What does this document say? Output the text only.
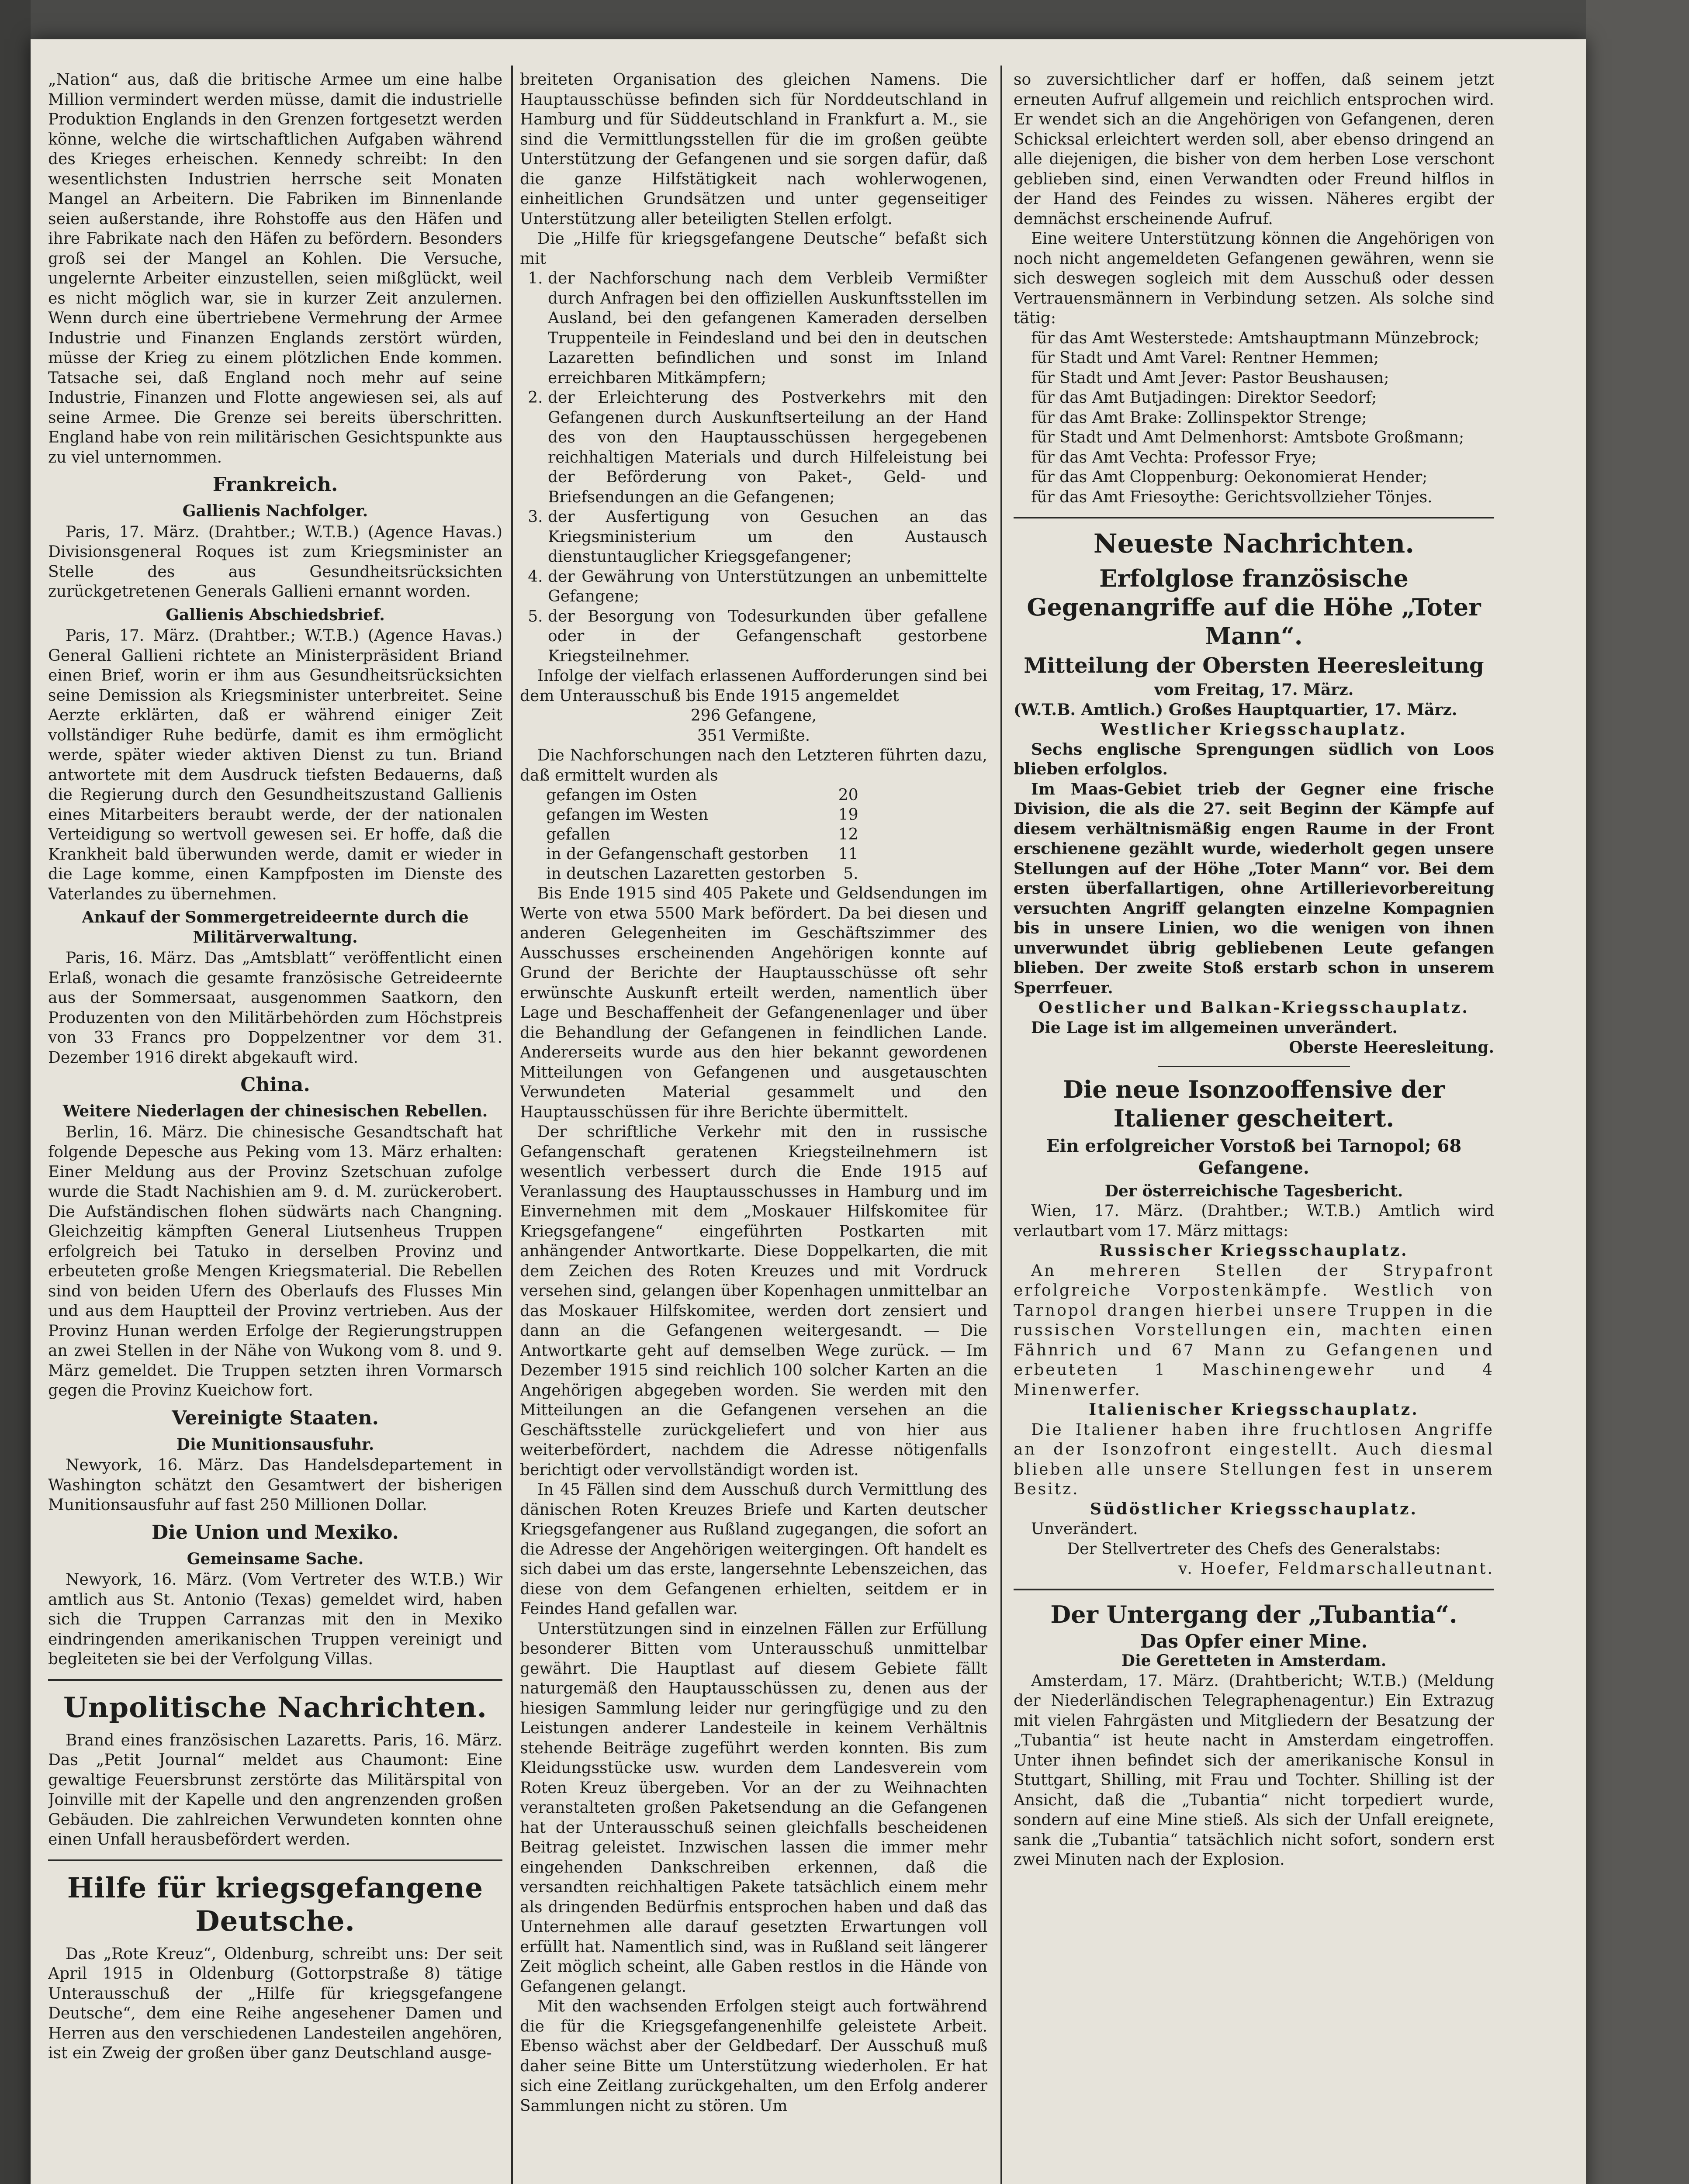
„Nation“ aus, daß die britische Armee um eine halbe Million vermindert werden müsse, damit die industrielle Produktion Englands in den Grenzen fortgesetzt werden könne, welche die wirtschaftlichen Aufgaben während des Krieges erheischen. Kennedy schreibt: In den wesentlichsten Industrien herrsche seit Monaten Mangel an Arbeitern. Die Fabriken im Binnenlande seien außerstande, ihre Rohstoffe aus den Häfen und ihre Fabrikate nach den Häfen zu befördern. Besonders groß sei der Mangel an Kohlen. Die Versuche, ungelernte Arbeiter einzustellen, seien mißglückt, weil es nicht möglich war, sie in kurzer Zeit anzulernen. Wenn durch eine übertriebene Vermehrung der Armee Industrie und Finanzen Englands zerstört würden, müsse der Krieg zu einem plötzlichen Ende kommen. Tatsache sei, daß England noch mehr auf seine Industrie, Finanzen und Flotte angewiesen sei, als auf seine Armee. Die Grenze sei bereits überschritten. England habe von rein militärischen Gesichtspunkte aus zu viel unternommen.

Frankreich.
Gallienis Nachfolger.

Paris, 17. März. (Drahtber.; W.T.B.) (Agence Havas.) Divisionsgeneral Roques ist zum Kriegsminister an Stelle des aus Gesundheitsrücksichten zurückgetretenen Generals Gallieni ernannt worden.

Gallienis Abschiedsbrief.

Paris, 17. März. (Drahtber.; W.T.B.) (Agence Havas.) General Gallieni richtete an Ministerpräsident Briand einen Brief, worin er ihm aus Gesundheitsrücksichten seine Demission als Kriegsminister unterbreitet. Seine Aerzte erklärten, daß er während einiger Zeit vollständiger Ruhe bedürfe, damit es ihm ermöglicht werde, später wieder aktiven Dienst zu tun. Briand antwortete mit dem Ausdruck tiefsten Bedauerns, daß die Regierung durch den Gesundheitszustand Gallienis eines Mitarbeiters beraubt werde, der der nationalen Verteidigung so wertvoll gewesen sei. Er hoffe, daß die Krankheit bald überwunden werde, damit er wieder in die Lage komme, einen Kampfposten im Dienste des Vaterlandes zu übernehmen.

Ankauf der Sommergetreideernte durch die Militärverwaltung.

Paris, 16. März. Das „Amtsblatt“ veröffentlicht einen Erlaß, wonach die gesamte französische Getreideernte aus der Sommersaat, ausgenommen Saatkorn, den Produzenten von den Militärbehörden zum Höchstpreis von 33 Francs pro Doppelzentner vor dem 31. Dezember 1916 direkt abgekauft wird.

China.
Weitere Niederlagen der chinesischen Rebellen.

Berlin, 16. März. Die chinesische Gesandtschaft hat folgende Depesche aus Peking vom 13. März erhalten: Einer Meldung aus der Provinz Szetschuan zufolge wurde die Stadt Nachishien am 9. d. M. zurückerobert. Die Aufständischen flohen südwärts nach Changning. Gleichzeitig kämpften General Liutsenheus Truppen erfolgreich bei Tatuko in derselben Provinz und erbeuteten große Mengen Kriegsmaterial. Die Rebellen sind von beiden Ufern des Oberlaufs des Flusses Min und aus dem Hauptteil der Provinz vertrieben. Aus der Provinz Hunan werden Erfolge der Regierungstruppen an zwei Stellen in der Nähe von Wukong vom 8. und 9. März gemeldet. Die Truppen setzten ihren Vormarsch gegen die Provinz Kueichow fort.

Vereinigte Staaten.
Die Munitionsausfuhr.

Newyork, 16. März. Das Handelsdepartement in Washington schätzt den Gesamtwert der bisherigen Munitionsausfuhr auf fast 250 Millionen Dollar.

Die Union und Mexiko.
Gemeinsame Sache.

Newyork, 16. März. (Vom Vertreter des W.T.B.) Wir amtlich aus St. Antonio (Texas) gemeldet wird, haben sich die Truppen Carranzas mit den in Mexiko eindringenden amerikanischen Truppen vereinigt und begleiteten sie bei der Verfolgung Villas.

Unpolitische Nachrichten.

Brand eines französischen Lazaretts. Paris, 16. März. Das „Petit Journal“ meldet aus Chaumont: Eine gewaltige Feuersbrunst zerstörte das Militärspital von Joinville mit der Kapelle und den angrenzenden großen Gebäuden. Die zahlreichen Verwundeten konnten ohne einen Unfall herausbefördert werden.

Hilfe für kriegsgefangene Deutsche.

Das „Rote Kreuz“, Oldenburg, schreibt uns: Der seit April 1915 in Oldenburg (Gottorpstraße 8) tätige Unterausschuß der „Hilfe für kriegsgefangene Deutsche“, dem eine Reihe angesehener Damen und Herren aus den verschiedenen Landesteilen angehören, ist ein Zweig der großen über ganz Deutschland ausge-

breiteten Organisation des gleichen Namens. Die Hauptausschüsse befinden sich für Norddeutschland in Hamburg und für Süddeutschland in Frankfurt a. M., sie sind die Vermittlungsstellen für die im großen geübte Unterstützung der Gefangenen und sie sorgen dafür, daß die ganze Hilfstätigkeit nach wohlerwogenen, einheitlichen Grundsätzen und unter gegenseitiger Unterstützung aller beteiligten Stellen erfolgt.

Die „Hilfe für kriegsgefangene Deutsche“ befaßt sich mit

1. der Nachforschung nach dem Verbleib Vermißter durch Anfragen bei den offiziellen Auskunftsstellen im Ausland, bei den gefangenen Kameraden derselben Truppenteile in Feindesland und bei den in deutschen Lazaretten befindlichen und sonst im Inland erreichbaren Mitkämpfern;
2. der Erleichterung des Postverkehrs mit den Gefangenen durch Auskunftserteilung an der Hand des von den Hauptausschüssen hergegebenen reichhaltigen Materials und durch Hilfeleistung bei der Beförderung von Paket-, Geld- und Briefsendungen an die Gefangenen;
3. der Ausfertigung von Gesuchen an das Kriegsministerium um den Austausch dienstuntauglicher Kriegsgefangener;
4. der Gewährung von Unterstützungen an unbemittelte Gefangene;
5. der Besorgung von Todesurkunden über gefallene oder in der Gefangenschaft gestorbene Kriegsteilnehmer.

Infolge der vielfach erlassenen Aufforderungen sind bei dem Unterausschuß bis Ende 1915 angemeldet

296 Gefangene,
351 Vermißte.

Die Nachforschungen nach den Letzteren führten dazu, daß ermittelt wurden als

gefangen im Osten	20
gefangen im Westen	19
gefallen	12
in der Gefangenschaft gestorben	11
in deutschen Lazaretten gestorben	5.

Bis Ende 1915 sind 405 Pakete und Geldsendungen im Werte von etwa 5500 Mark befördert. Da bei diesen und anderen Gelegenheiten im Geschäftszimmer des Ausschusses erscheinenden Angehörigen konnte auf Grund der Berichte der Hauptausschüsse oft sehr erwünschte Auskunft erteilt werden, namentlich über Lage und Beschaffenheit der Gefangenenlager und über die Behandlung der Gefangenen in feindlichen Lande. Andererseits wurde aus den hier bekannt gewordenen Mitteilungen von Gefangenen und ausgetauschten Verwundeten Material gesammelt und den Hauptausschüssen für ihre Berichte übermittelt.

Der schriftliche Verkehr mit den in russische Gefangenschaft geratenen Kriegsteilnehmern ist wesentlich verbessert durch die Ende 1915 auf Veranlassung des Hauptausschusses in Hamburg und im Einvernehmen mit dem „Moskauer Hilfskomitee für Kriegsgefangene“ eingeführten Postkarten mit anhängender Antwortkarte. Diese Doppelkarten, die mit dem Zeichen des Roten Kreuzes und mit Vordruck versehen sind, gelangen über Kopenhagen unmittelbar an das Moskauer Hilfskomitee, werden dort zensiert und dann an die Gefangenen weitergesandt. — Die Antwortkarte geht auf demselben Wege zurück. — Im Dezember 1915 sind reichlich 100 solcher Karten an die Angehörigen abgegeben worden. Sie werden mit den Mitteilungen an die Gefangenen versehen an die Geschäftsstelle zurückgeliefert und von hier aus weiterbefördert, nachdem die Adresse nötigenfalls berichtigt oder vervollständigt worden ist.

In 45 Fällen sind dem Ausschuß durch Vermittlung des dänischen Roten Kreuzes Briefe und Karten deutscher Kriegsgefangener aus Rußland zugegangen, die sofort an die Adresse der Angehörigen weitergingen. Oft handelt es sich dabei um das erste, langersehnte Lebenszeichen, das diese von dem Gefangenen erhielten, seitdem er in Feindes Hand gefallen war.

Unterstützungen sind in einzelnen Fällen zur Erfüllung besonderer Bitten vom Unterausschuß unmittelbar gewährt. Die Hauptlast auf diesem Gebiete fällt naturgemäß den Hauptausschüssen zu, denen aus der hiesigen Sammlung leider nur geringfügige und zu den Leistungen anderer Landesteile in keinem Verhältnis stehende Beiträge zugeführt werden konnten. Bis zum Kleidungsstücke usw. wurden dem Landesverein vom Roten Kreuz übergeben. Vor an der zu Weihnachten veranstalteten großen Paketsendung an die Gefangenen hat der Unterausschuß seinen gleichfalls bescheidenen Beitrag geleistet. Inzwischen lassen die immer mehr eingehenden Dankschreiben erkennen, daß die versandten reichhaltigen Pakete tatsächlich einem mehr als dringenden Bedürfnis entsprochen haben und daß das Unternehmen alle darauf gesetzten Erwartungen voll erfüllt hat. Namentlich sind, was in Rußland seit längerer Zeit möglich scheint, alle Gaben restlos in die Hände von Gefangenen gelangt.

Mit den wachsenden Erfolgen steigt auch fortwährend die für die Kriegsgefangenenhilfe geleistete Arbeit. Ebenso wächst aber der Geldbedarf. Der Ausschuß muß daher seine Bitte um Unterstützung wiederholen. Er hat sich eine Zeitlang zurückgehalten, um den Erfolg anderer Sammlungen nicht zu stören. Um

so zuversichtlicher darf er hoffen, daß seinem jetzt erneuten Aufruf allgemein und reichlich entsprochen wird. Er wendet sich an die Angehörigen von Gefangenen, deren Schicksal erleichtert werden soll, aber ebenso dringend an alle diejenigen, die bisher von dem herben Lose verschont geblieben sind, einen Verwandten oder Freund hilflos in der Hand des Feindes zu wissen. Näheres ergibt der demnächst erscheinende Aufruf.

Eine weitere Unterstützung können die Angehörigen von noch nicht angemeldeten Gefangenen gewähren, wenn sie sich deswegen sogleich mit dem Ausschuß oder dessen Vertrauensmännern in Verbindung setzen. Als solche sind tätig:

für das Amt Westerstede: Amtshauptmann Münzebrock;
für Stadt und Amt Varel: Rentner Hemmen;
für Stadt und Amt Jever: Pastor Beushausen;
für das Amt Butjadingen: Direktor Seedorf;
für das Amt Brake: Zollinspektor Strenge;
für Stadt und Amt Delmenhorst: Amtsbote Großmann;
für das Amt Vechta: Professor Frye;
für das Amt Cloppenburg: Oekonomierat Hender;
für das Amt Friesoythe: Gerichtsvollzieher Tönjes.
Neueste Nachrichten.
Erfolglose französische Gegenangriffe auf die Höhe „Toter Mann“.
Mitteilung der Obersten Heeresleitung
vom Freitag, 17. März.
(W.T.B. Amtlich.) Großes Hauptquartier, 17. März.
Westlicher Kriegsschauplatz.

Sechs englische Sprengungen südlich von Loos blieben erfolglos.

Im Maas-Gebiet trieb der Gegner eine frische Division, die als die 27. seit Beginn der Kämpfe auf diesem verhältnismäßig engen Raume in der Front erschienene gezählt wurde, wiederholt gegen unsere Stellungen auf der Höhe „Toter Mann“ vor. Bei dem ersten überfallartigen, ohne Artillerievorbereitung versuchten Angriff gelangten einzelne Kompagnien bis in unsere Linien, wo die wenigen von ihnen unverwundet übrig gebliebenen Leute gefangen blieben. Der zweite Stoß erstarb schon in unserem Sperrfeuer.

Oestlicher und Balkan-Kriegsschauplatz.

Die Lage ist im allgemeinen unverändert.

Oberste Heeresleitung.
Die neue Isonzooffensive der Italiener gescheitert.
Ein erfolgreicher Vorstoß bei Tarnopol; 68 Gefangene.
Der österreichische Tagesbericht.

Wien, 17. März. (Drahtber.; W.T.B.) Amtlich wird verlautbart vom 17. März mittags:

Russischer Kriegsschauplatz.

An mehreren Stellen der Strypafront erfolgreiche Vorpostenkämpfe. Westlich von Tarnopol drangen hierbei unsere Truppen in die russischen Vorstellungen ein, machten einen Fähnrich und 67 Mann zu Gefangenen und erbeuteten 1 Maschinengewehr und 4 Minenwerfer.

Italienischer Kriegsschauplatz.

Die Italiener haben ihre fruchtlosen Angriffe an der Isonzofront eingestellt. Auch diesmal blieben alle unsere Stellungen fest in unserem Besitz.

Südöstlicher Kriegsschauplatz.

Unverändert.

Der Stellvertreter des Chefs des Generalstabs:
v. Hoefer, Feldmarschalleutnant.
Der Untergang der „Tubantia“.
Das Opfer einer Mine.
Die Geretteten in Amsterdam.

Amsterdam, 17. März. (Drahtbericht; W.T.B.) (Meldung der Niederländischen Telegraphenagentur.) Ein Extrazug mit vielen Fahrgästen und Mitgliedern der Besatzung der „Tubantia“ ist heute nacht in Amsterdam eingetroffen. Unter ihnen befindet sich der amerikanische Konsul in Stuttgart, Shilling, mit Frau und Tochter. Shilling ist der Ansicht, daß die „Tubantia“ nicht torpediert wurde, sondern auf eine Mine stieß. Als sich der Unfall ereignete, sank die „Tubantia“ tatsächlich nicht sofort, sondern erst zwei Minuten nach der Explosion.
